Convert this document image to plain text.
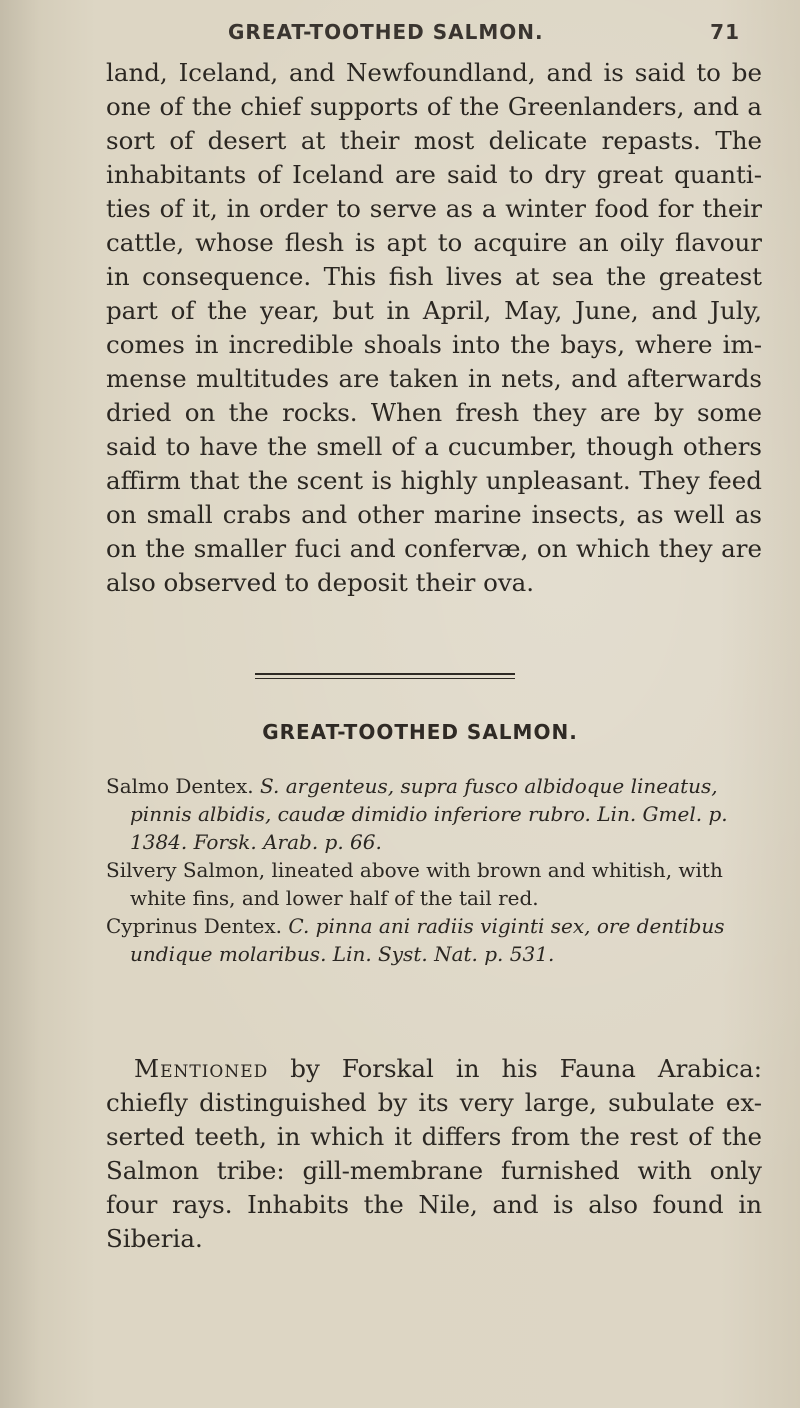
GREAT-TOOTHED SALMON.	71

land, Iceland, and Newfoundland, and is said to be one of the chief supports of the Greenlanders, and a sort of desert at their most delicate repasts. The inhabitants of Iceland are said to dry great quanti-ties of it, in order to serve as a winter food for their cattle, whose flesh is apt to acquire an oily flavour in consequence. This fish lives at sea the greatest part of the year, but in April, May, June, and July, comes in incredible shoals into the bays, where im-mense multitudes are taken in nets, and afterwards dried on the rocks. When fresh they are by some said to have the smell of a cucumber, though others affirm that the scent is highly unpleasant. They feed on small crabs and other marine insects, as well as on the smaller fuci and confervæ, on which they are also observed to deposit their ova.

GREAT-TOOTHED SALMON.

Salmo Dentex. S. argenteus, supra fusco albidoque lineatus, pinnis albidis, caudæ dimidio inferiore rubro. Lin. Gmel. p. 1384. Forsk. Arab. p. 66.

Silvery Salmon, lineated above with brown and whitish, with white fins, and lower half of the tail red.

Cyprinus Dentex. C. pinna ani radiis viginti sex, ore dentibus undique molaribus. Lin. Syst. Nat. p. 531.

Mentioned by Forskal in his Fauna Arabica: chiefly distinguished by its very large, subulate ex-serted teeth, in which it differs from the rest of the Salmon tribe: gill-membrane furnished with only four rays. Inhabits the Nile, and is also found in Siberia.
